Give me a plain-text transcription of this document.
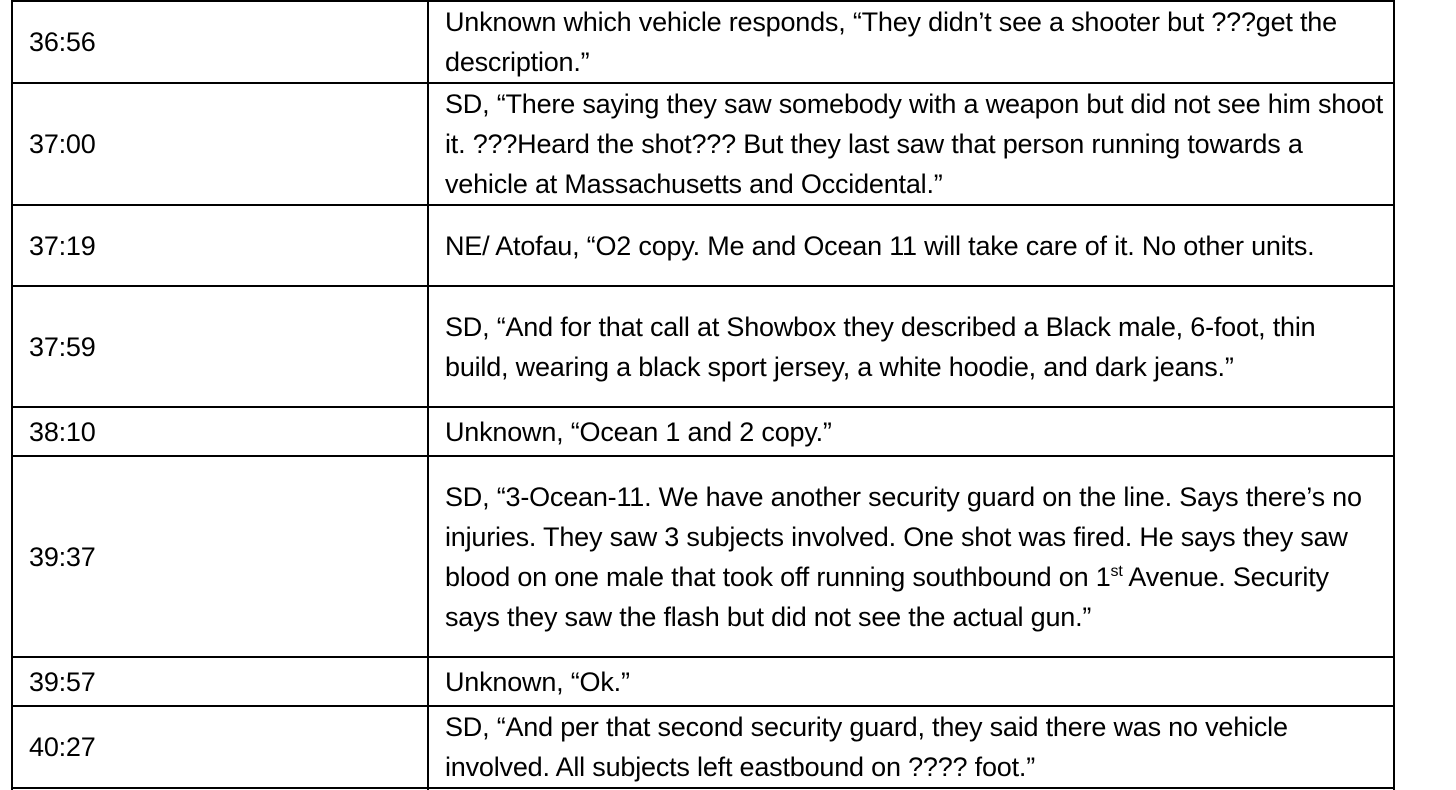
36:56	Unknown which vehicle responds, “They didn’t see a shooter but ???get the description.”
37:00	SD, “There saying they saw somebody with a weapon but did not see him shoot it. ???Heard the shot??? But they last saw that person running towards a vehicle at Massachusetts and Occidental.”
37:19	NE/ Atofau, “O2 copy. Me and Ocean 11 will take care of it. No other units.
37:59	SD, “And for that call at Showbox they described a Black male, 6-foot, thin build, wearing a black sport jersey, a white hoodie, and dark jeans.”
38:10	Unknown, “Ocean 1 and 2 copy.”
39:37	SD, “3-Ocean-11. We have another security guard on the line. Says there’s no injuries. They saw 3 subjects involved. One shot was fired. He says they saw blood on one male that took off running southbound on 1st Avenue. Security says they saw the flash but did not see the actual gun.”
39:57	Unknown, “Ok.”
40:27	SD, “And per that second security guard, they said there was no vehicle involved. All subjects left eastbound on ???? foot.”
